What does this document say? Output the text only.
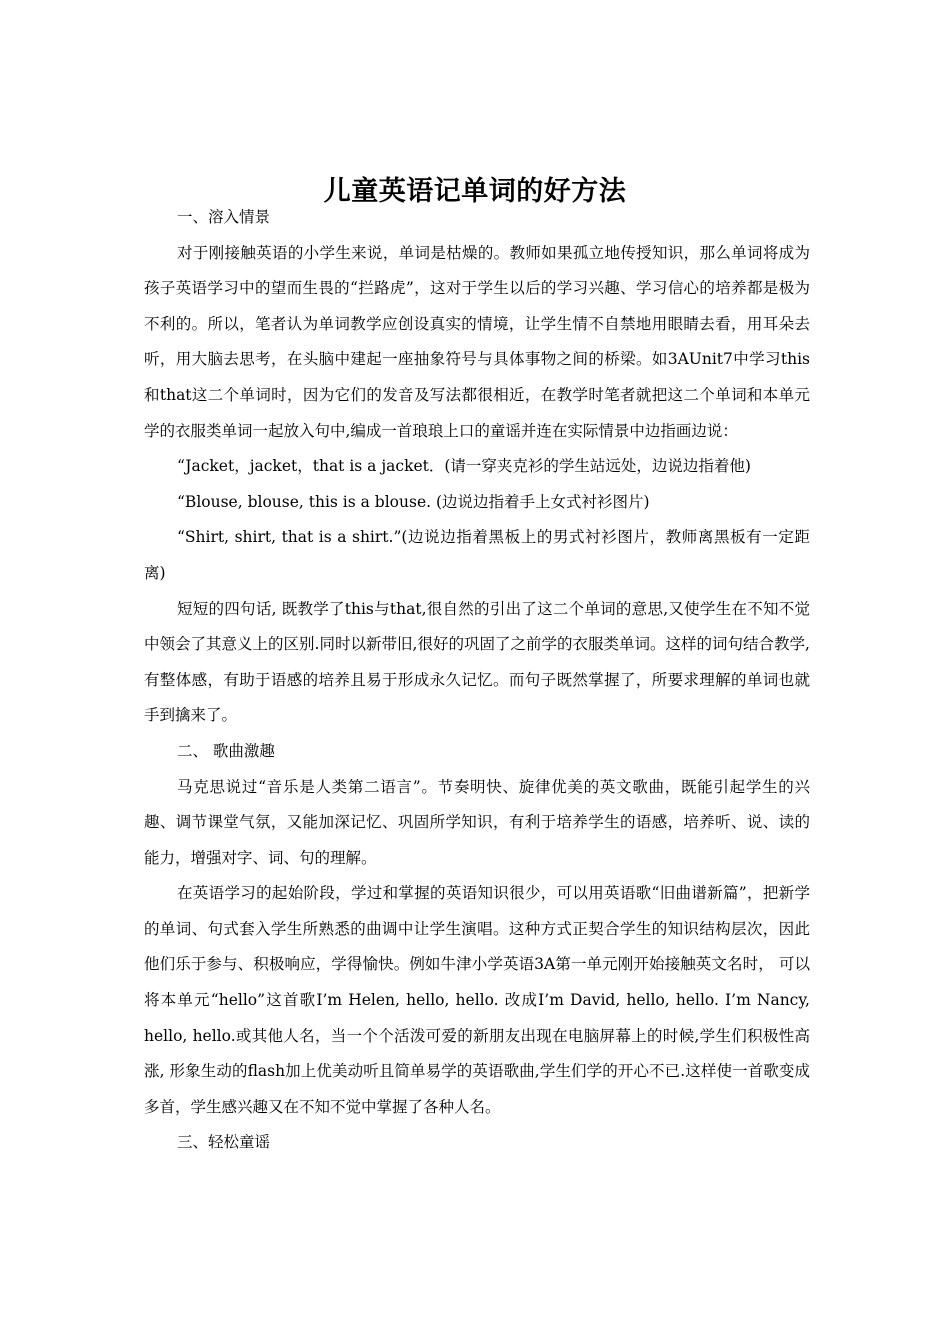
儿童英语记单词的好方法

一、溶入情景

对于刚接触英语的小学生来说，单词是枯燥的。教师如果孤立地传授知识，那么单词将成为孩子英语学习中的望而生畏的“拦路虎”，这对于学生以后的学习兴趣、学习信心的培养都是极为不利的。所以，笔者认为单词教学应创设真实的情境，让学生情不自禁地用眼睛去看，用耳朵去听，用大脑去思考，在头脑中建起一座抽象符号与具体事物之间的桥梁。如3AUnit7中学习this和that这二个单词时，因为它们的发音及写法都很相近，在教学时笔者就把这二个单词和本单元学的衣服类单词一起放入句中,编成一首琅琅上口的童谣并连在实际情景中边指画边说：

“Jacket，jacket，that is a jacket．(请一穿夹克衫的学生站远处，边说边指着他)

“Blouse, blouse, this is a blouse. (边说边指着手上女式衬衫图片)

“Shirt, shirt, that is a shirt.”(边说边指着黑板上的男式衬衫图片，教师离黑板有一定距离)

短短的四句话, 既教学了this与that,很自然的引出了这二个单词的意思,又使学生在不知不觉中领会了其意义上的区别.同时以新带旧,很好的巩固了之前学的衣服类单词。这样的词句结合教学,有整体感，有助于语感的培养且易于形成永久记忆。而句子既然掌握了，所要求理解的单词也就手到擒来了。

二、 歌曲激趣

马克思说过“音乐是人类第二语言”。节奏明快、旋律优美的英文歌曲，既能引起学生的兴趣、调节课堂气氛，又能加深记忆、巩固所学知识，有利于培养学生的语感，培养听、说、读的能力，增强对字、词、句的理解。

在英语学习的起始阶段，学过和掌握的英语知识很少，可以用英语歌“旧曲谱新篇”，把新学的单词、句式套入学生所熟悉的曲调中让学生演唱。这种方式正契合学生的知识结构层次，因此他们乐于参与、积极响应，学得愉快。例如牛津小学英语3A第一单元刚开始接触英文名时， 可以将本单元“hello”这首歌I’m Helen, hello, hello. 改成I’m David, hello, hello. I’m Nancy, hello, hello.或其他人名，当一个个活泼可爱的新朋友出现在电脑屏幕上的时候,学生们积极性高涨, 形象生动的flash加上优美动听且简单易学的英语歌曲,学生们学的开心不已.这样使一首歌变成多首，学生感兴趣又在不知不觉中掌握了各种人名。

三、轻松童谣
